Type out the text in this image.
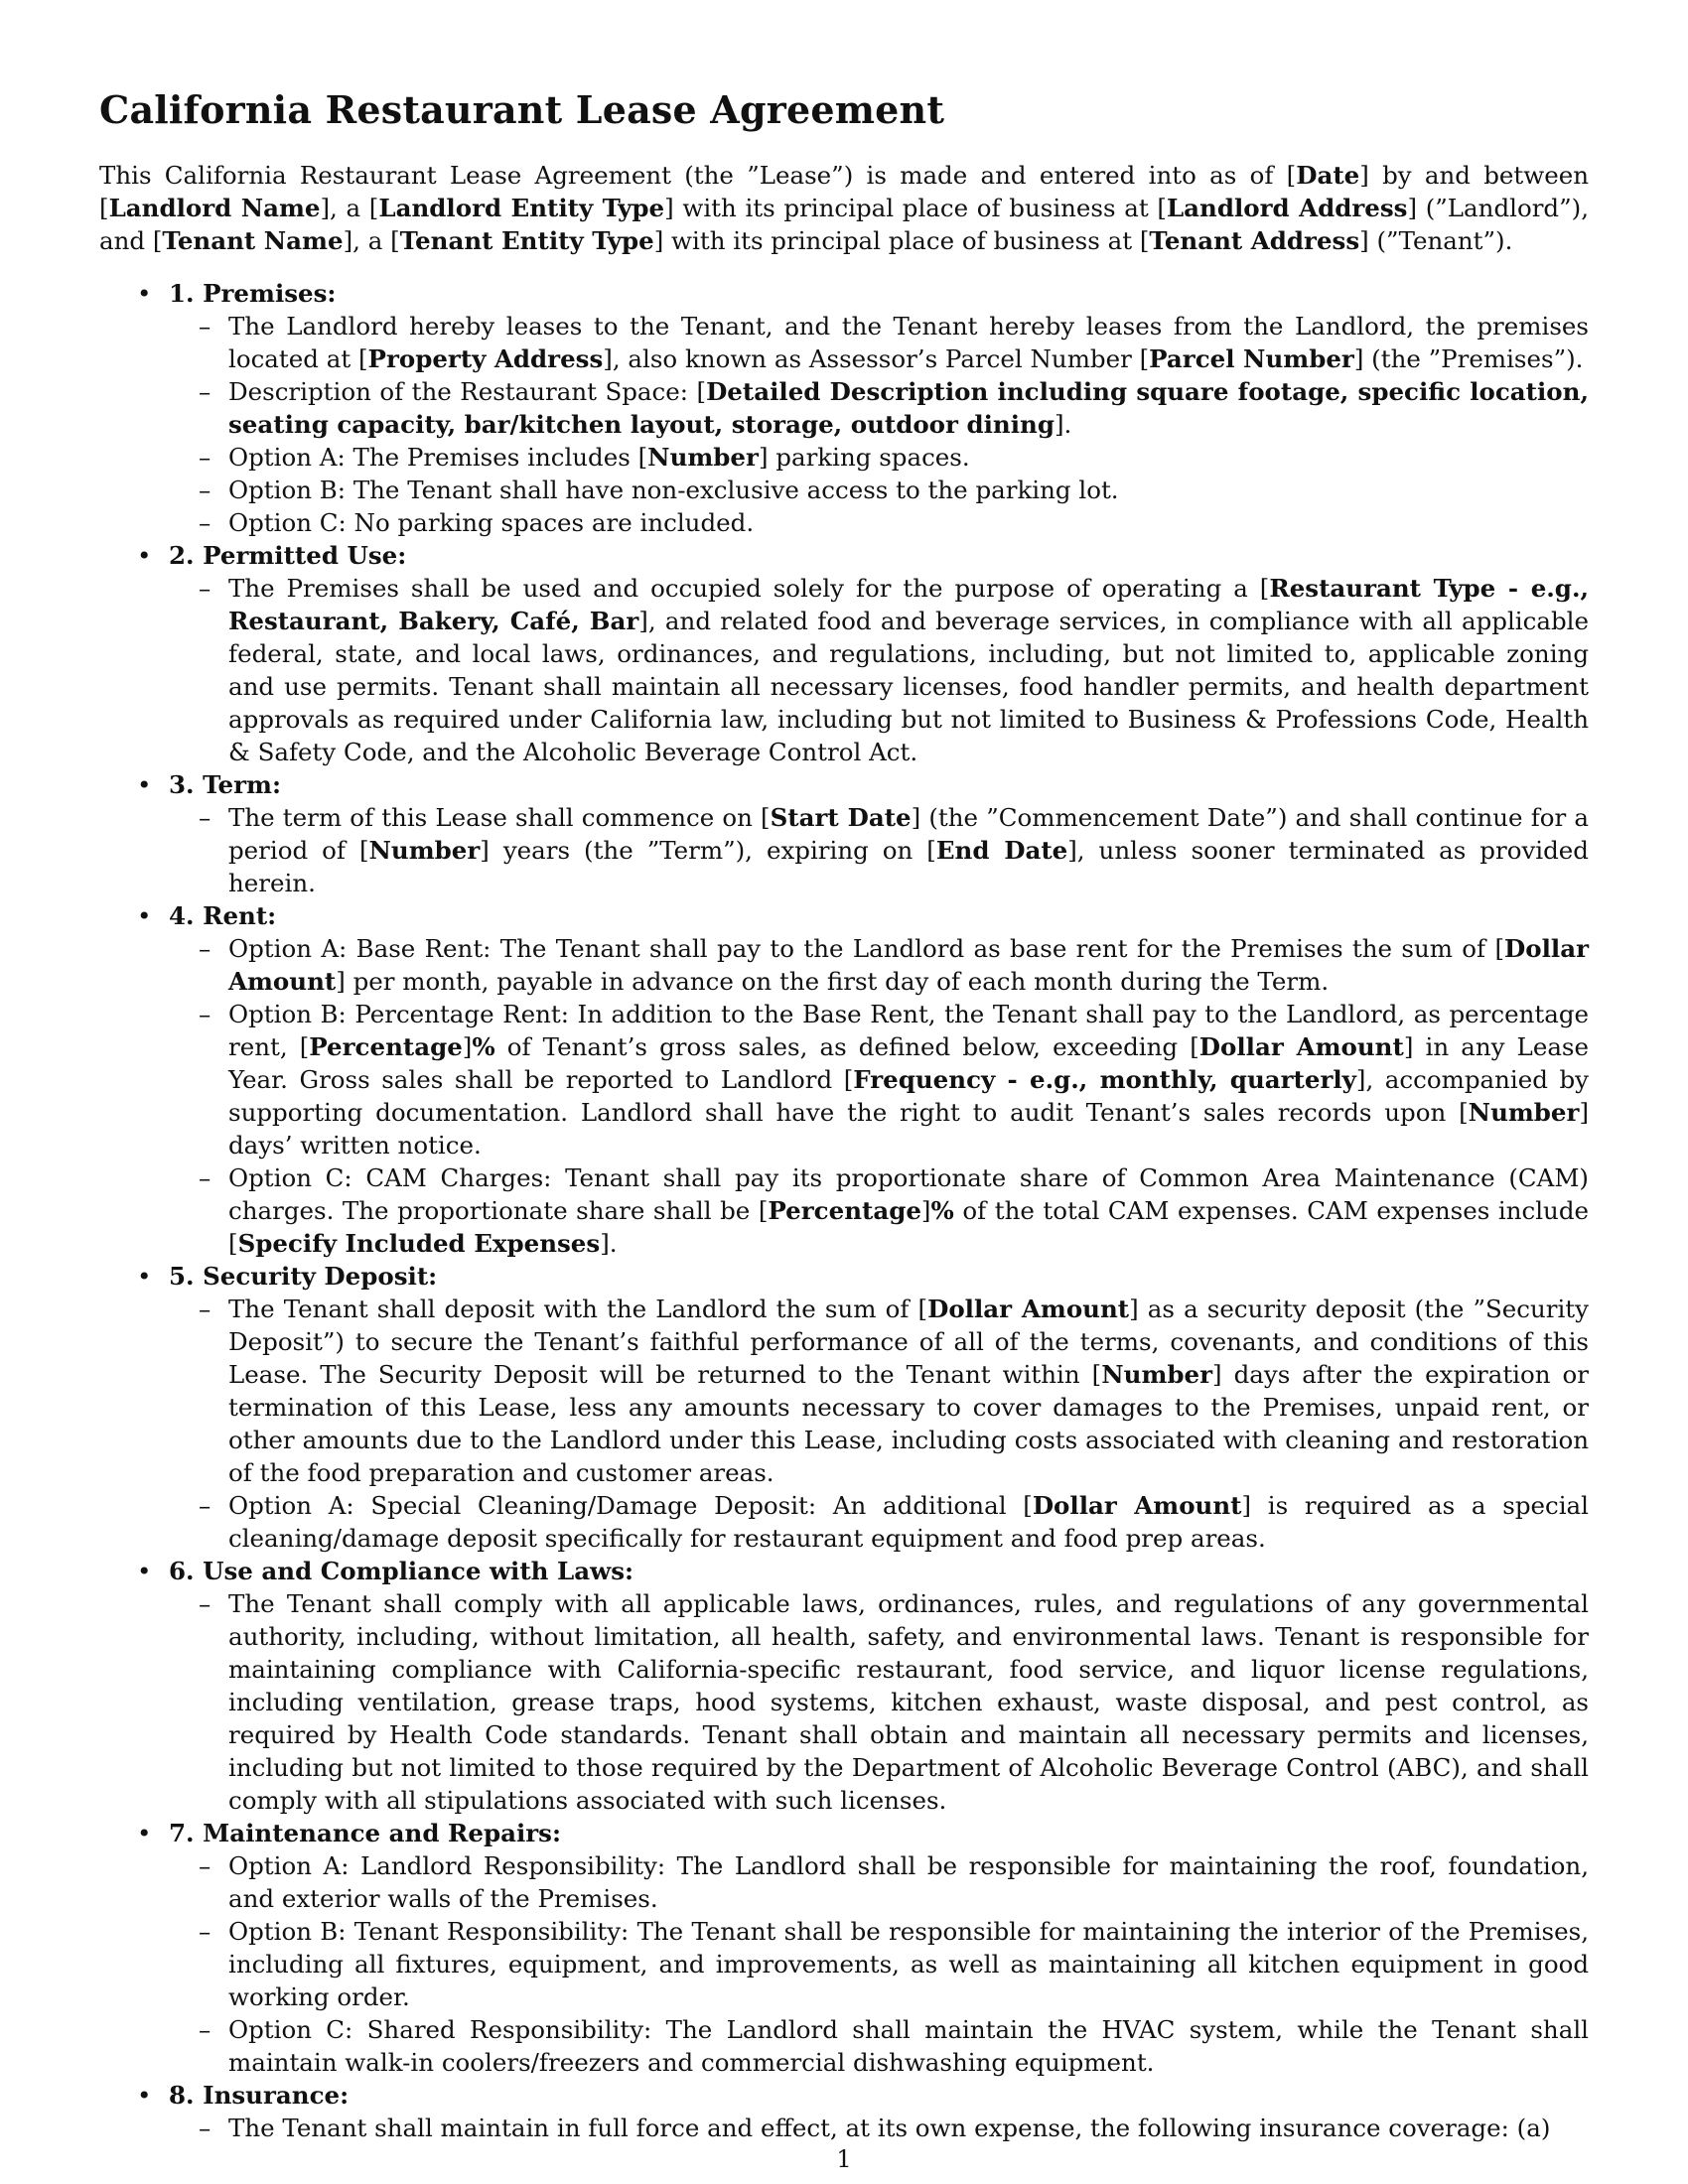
California Restaurant Lease Agreement
This California Restaurant Lease Agreement (the ”Lease”) is made and entered into as of [Date] by and between [Landlord Name], a [Landlord Entity Type] with its principal place of business at [Landlord Address] (”Landlord”), and [Tenant Name], a [Tenant Entity Type] with its principal place of business at [Tenant Address] (”Tenant”).
• 1. Premises:
– The Landlord hereby leases to the Tenant, and the Tenant hereby leases from the Landlord, the premises located at [Property Address], also known as Assessor’s Parcel Number [Parcel Number] (the ”Premises”).
– Description of the Restaurant Space: [Detailed Description including square footage, specific location, seating capacity, bar/kitchen layout, storage, outdoor dining].
– Option A: The Premises includes [Number] parking spaces.
– Option B: The Tenant shall have non-exclusive access to the parking lot.
– Option C: No parking spaces are included.
• 2. Permitted Use:
– The Premises shall be used and occupied solely for the purpose of operating a [Restaurant Type - e.g., Restaurant, Bakery, Café, Bar], and related food and beverage services, in compliance with all applicable federal, state, and local laws, ordinances, and regulations, including, but not limited to, applicable zoning and use permits. Tenant shall maintain all necessary licenses, food handler permits, and health department approvals as required under California law, including but not limited to Business & Professions Code, Health & Safety Code, and the Alcoholic Beverage Control Act.
• 3. Term:
– The term of this Lease shall commence on [Start Date] (the ”Commencement Date”) and shall continue for a period of [Number] years (the ”Term”), expiring on [End Date], unless sooner terminated as provided herein.
• 4. Rent:
– Option A: Base Rent: The Tenant shall pay to the Landlord as base rent for the Premises the sum of [Dollar Amount] per month, payable in advance on the first day of each month during the Term.
– Option B: Percentage Rent: In addition to the Base Rent, the Tenant shall pay to the Landlord, as percentage rent, [Percentage]% of Tenant’s gross sales, as defined below, exceeding [Dollar Amount] in any Lease Year. Gross sales shall be reported to Landlord [Frequency - e.g., monthly, quarterly], accompanied by supporting documentation. Landlord shall have the right to audit Tenant’s sales records upon [Number] days’ written notice.
– Option C: CAM Charges: Tenant shall pay its proportionate share of Common Area Maintenance (CAM) charges. The proportionate share shall be [Percentage]% of the total CAM expenses. CAM expenses include [Specify Included Expenses].
• 5. Security Deposit:
– The Tenant shall deposit with the Landlord the sum of [Dollar Amount] as a security deposit (the ”Security Deposit”) to secure the Tenant’s faithful performance of all of the terms, covenants, and conditions of this Lease. The Security Deposit will be returned to the Tenant within [Number] days after the expiration or termination of this Lease, less any amounts necessary to cover damages to the Premises, unpaid rent, or other amounts due to the Landlord under this Lease, including costs associated with cleaning and restoration of the food preparation and customer areas.
– Option A: Special Cleaning/Damage Deposit: An additional [Dollar Amount] is required as a special cleaning/damage deposit specifically for restaurant equipment and food prep areas.
• 6. Use and Compliance with Laws:
– The Tenant shall comply with all applicable laws, ordinances, rules, and regulations of any governmental authority, including, without limitation, all health, safety, and environmental laws. Tenant is responsible for maintaining compliance with California-specific restaurant, food service, and liquor license regulations, including ventilation, grease traps, hood systems, kitchen exhaust, waste disposal, and pest control, as required by Health Code standards. Tenant shall obtain and maintain all necessary permits and licenses, including but not limited to those required by the Department of Alcoholic Beverage Control (ABC), and shall comply with all stipulations associated with such licenses.
• 7. Maintenance and Repairs:
– Option A: Landlord Responsibility: The Landlord shall be responsible for maintaining the roof, foundation, and exterior walls of the Premises.
– Option B: Tenant Responsibility: The Tenant shall be responsible for maintaining the interior of the Premises, including all fixtures, equipment, and improvements, as well as maintaining all kitchen equipment in good working order.
– Option C: Shared Responsibility: The Landlord shall maintain the HVAC system, while the Tenant shall maintain walk-in coolers/freezers and commercial dishwashing equipment.
• 8. Insurance:
– The Tenant shall maintain in full force and effect, at its own expense, the following insurance coverage: (a)
1
